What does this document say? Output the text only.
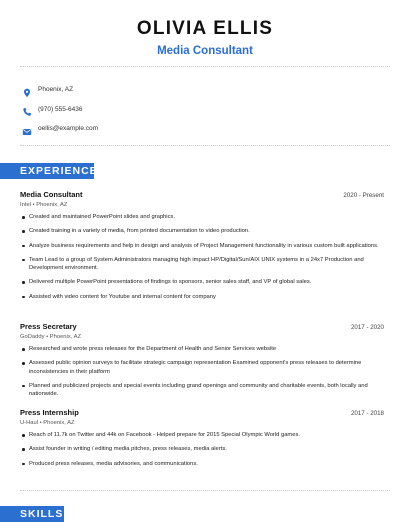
OLIVIA ELLIS
Media Consultant
Phoenix, AZ
(970) 555-6436
oellis@example.com
EXPERIENCE
Media Consultant	2020 - Present
Intel • Phoenix, AZ
Created and maintained PowerPoint slides and graphics.
Created training in a variety of media, from printed documentation to video production.
Analyze business requirements and help in design and analysis of Project Management functionality in various custom built applications.
Team Lead to a group of System Administrators managing high impact HP/Digital/Sun/AIX UNIX systems in a 24x7 Production and Development environment.
Delivered multiple PowerPoint presentations of findings to sponsors, senior sales staff, and VP of global sales.
Assisted with video content for Youtube and internal content for company
Press Secretary	2017 - 2020
GoDaddy • Phoenix, AZ
Researched and wrote press releases for the Department of Health and Senior Services website
Assessed public opinion surveys to facilitate strategic campaign representation Examined opponent's press releases to determine inconsistencies in their platform
Planned and publicized projects and special events including grand openings and community and charitable events, both locally and nationwide.
Press Internship	2017 - 2018
U-Haul • Phoenix, AZ
Reach of 11.7k on Twitter and 44k on Facebook - Helped prepare for 2015 Special Olympic World games.
Assist founder in writing / editing media pitches, press releases, media alerts.
Produced press releases, media advisories, and communications.
SKILLS
